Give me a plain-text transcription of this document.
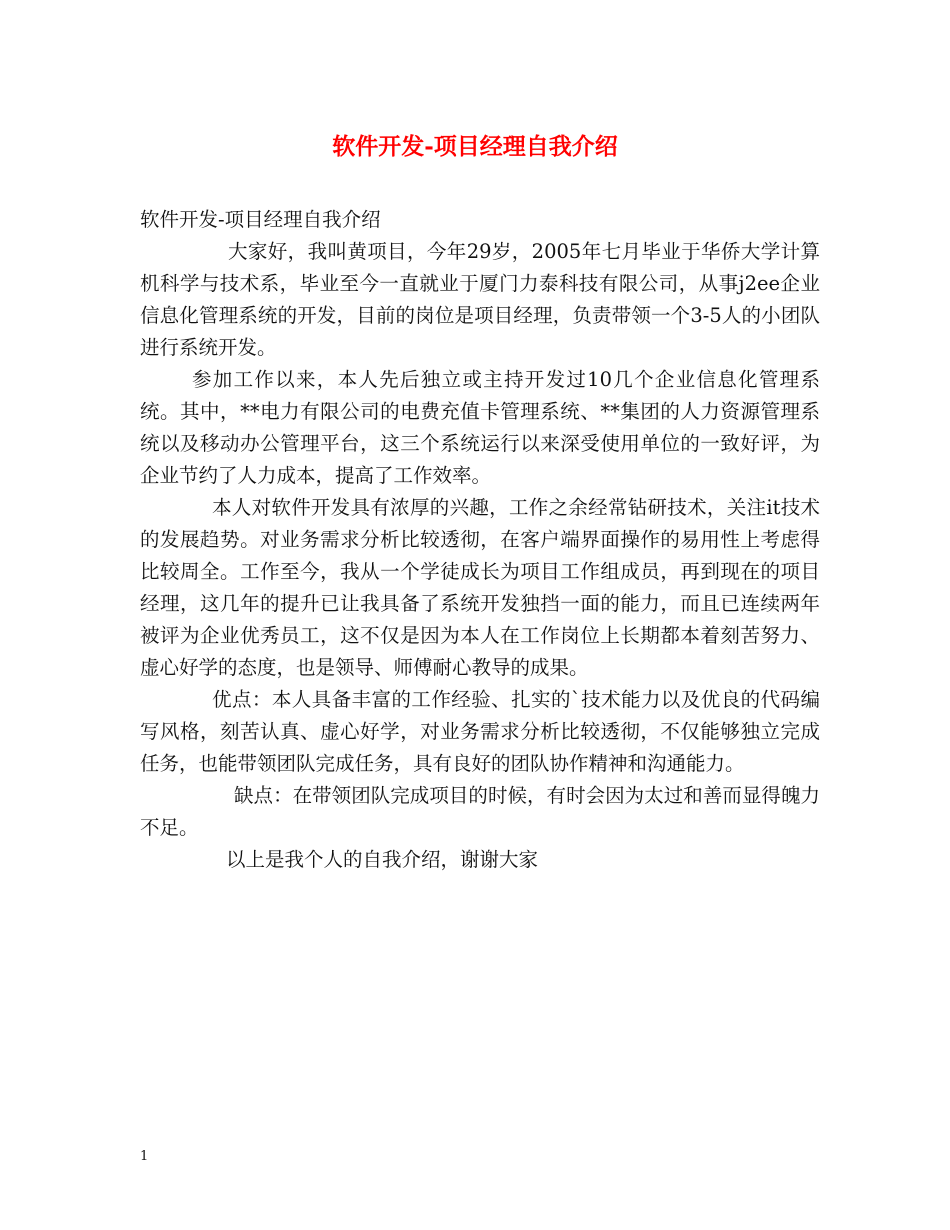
软件开发-项目经理自我介绍

软件开发-项目经理自我介绍

大家好，我叫黄项目，今年29岁，2005年七月毕业于华侨大学计算机科学与技术系，毕业至今一直就业于厦门力泰科技有限公司，从事j2ee企业信息化管理系统的开发，目前的岗位是项目经理，负责带领一个3-5人的小团队进行系统开发。

参加工作以来，本人先后独立或主持开发过10几个企业信息化管理系统。其中，**电力有限公司的电费充值卡管理系统、**集团的人力资源管理系统以及移动办公管理平台，这三个系统运行以来深受使用单位的一致好评，为企业节约了人力成本，提高了工作效率。

本人对软件开发具有浓厚的兴趣，工作之余经常钻研技术，关注it技术的发展趋势。对业务需求分析比较透彻，在客户端界面操作的易用性上考虑得比较周全。工作至今，我从一个学徒成长为项目工作组成员，再到现在的项目经理，这几年的提升已让我具备了系统开发独挡一面的能力，而且已连续两年被评为企业优秀员工，这不仅是因为本人在工作岗位上长期都本着刻苦努力、虚心好学的态度，也是领导、师傅耐心教导的成果。

优点：本人具备丰富的工作经验、扎实的`技术能力以及优良的代码编写风格，刻苦认真、虚心好学，对业务需求分析比较透彻，不仅能够独立完成任务，也能带领团队完成任务，具有良好的团队协作精神和沟通能力。

缺点：在带领团队完成项目的时候，有时会因为太过和善而显得魄力不足。

以上是我个人的自我介绍，谢谢大家

1
